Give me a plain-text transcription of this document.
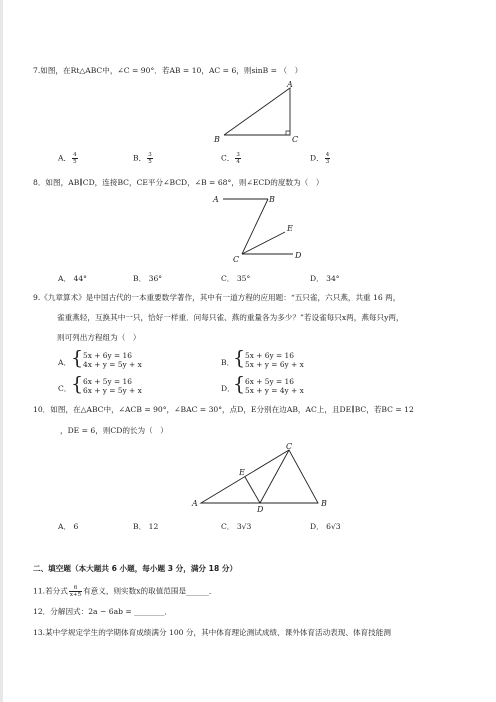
7.如图，在Rt△ABC中，∠C = 90°．若AB = 10，AC = 6，则sinB = （　）
A
B	C
A． $\frac{4}{5}$	B． $\frac{3}{5}$	C． $\frac{3}{4}$	D． $\frac{4}{3}$
8．如图，AB∥CD，连接BC，CE平分∠BCD，∠B = 68°，则∠ECD的度数为（　）
A	B
E
C	D
A． 44°	B． 36°	C． 35°	D． 34°
9.《九章算术》是中国古代的一本重要数学著作，其中有一道方程的应用题：“五只雀，六只燕，共重 16 两，
雀重燕轻，互换其中一只，恰好一样重．问每只雀、燕的重量各为多少？”若设雀每只x两，燕每只y两，
则可列出方程组为（　）
A． { 5x + 6y = 16
4x + y = 5y + x	B．
{ 5x + 6y = 16
5x + y = 6y + x
C． { 6x + 5y = 16
6x + y = 5y + x	D．
{ 6x + 5y = 16
5x + y = 4y + x
10．如图，在△ABC中，∠ACB = 90°，∠BAC = 30°，点D，E分别在边AB，AC上，且DE∥BC，若BC = 12
，DE = 6，则CD的长为（　）
C
E
A
D
B
A． 6	B． 12	C． 3√3	D． 6√3
二、填空题（本大题共 6 小题，每小题 3 分，满分 18 分）
11.若分式 $\frac{6}{x+5}$ 有意义，则实数x的取值范围是______．
12．分解因式：2a − 6ab = ________．
13.某中学规定学生的学期体育成绩满分 100 分，其中体育理论测试成绩、课外体育活动表现、体育技能测
